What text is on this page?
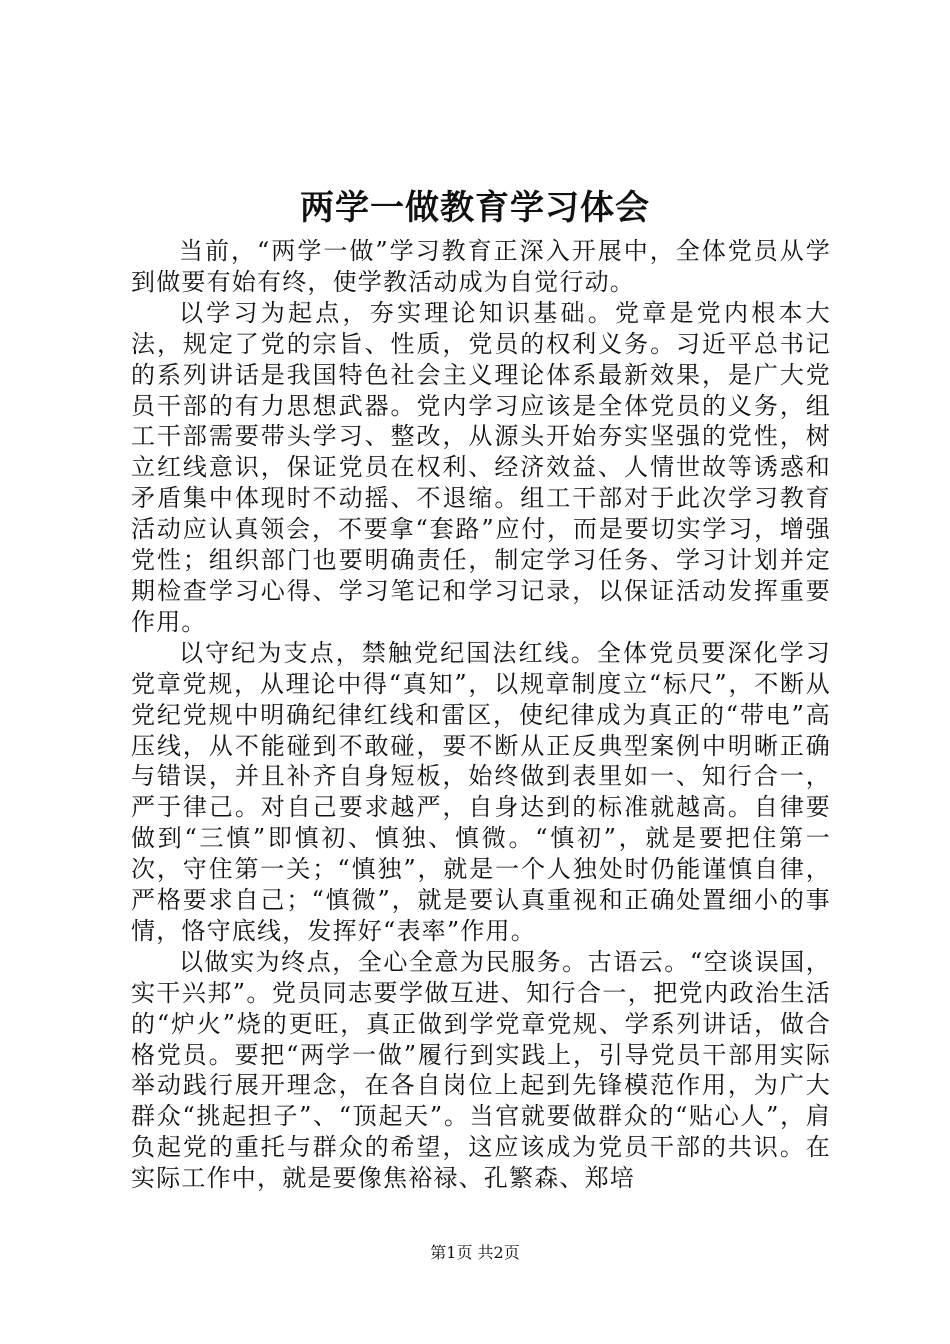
两学一做教育学习体会

当前，“两学一做”学习教育正深入开展中，全体党员从学到做要有始有终，使学教活动成为自觉行动。

以学习为起点，夯实理论知识基础。党章是党内根本大法，规定了党的宗旨、性质，党员的权利义务。习近平总书记的系列讲话是我国特色社会主义理论体系最新效果，是广大党员干部的有力思想武器。党内学习应该是全体党员的义务，组工干部需要带头学习、整改，从源头开始夯实坚强的党性，树立红线意识，保证党员在权利、经济效益、人情世故等诱惑和矛盾集中体现时不动摇、不退缩。组工干部对于此次学习教育活动应认真领会，不要拿“套路”应付，而是要切实学习，增强党性；组织部门也要明确责任，制定学习任务、学习计划并定期检查学习心得、学习笔记和学习记录，以保证活动发挥重要作用。

以守纪为支点，禁触党纪国法红线。全体党员要深化学习党章党规，从理论中得“真知”，以规章制度立“标尺”，不断从党纪党规中明确纪律红线和雷区，使纪律成为真正的“带电”高压线，从不能碰到不敢碰，要不断从正反典型案例中明晰正确与错误，并且补齐自身短板，始终做到表里如一、知行合一，严于律己。对自己要求越严，自身达到的标准就越高。自律要做到“三慎”即慎初、慎独、慎微。“慎初”，就是要把住第一次，守住第一关；“慎独”，就是一个人独处时仍能谨慎自律，严格要求自己；“慎微”，就是要认真重视和正确处置细小的事情，恪守底线，发挥好“表率”作用。

以做实为终点，全心全意为民服务。古语云。“空谈误国，实干兴邦”。党员同志要学做互进、知行合一，把党内政治生活的“炉火”烧的更旺，真正做到学党章党规、学系列讲话，做合格党员。要把“两学一做”履行到实践上，引导党员干部用实际举动践行展开理念，在各自岗位上起到先锋模范作用，为广大群众“挑起担子”、“顶起天”。当官就要做群众的“贴心人”，肩负起党的重托与群众的希望，这应该成为党员干部的共识。在实际工作中，就是要像焦裕禄、孔繁森、郑培

第1页 共2页
